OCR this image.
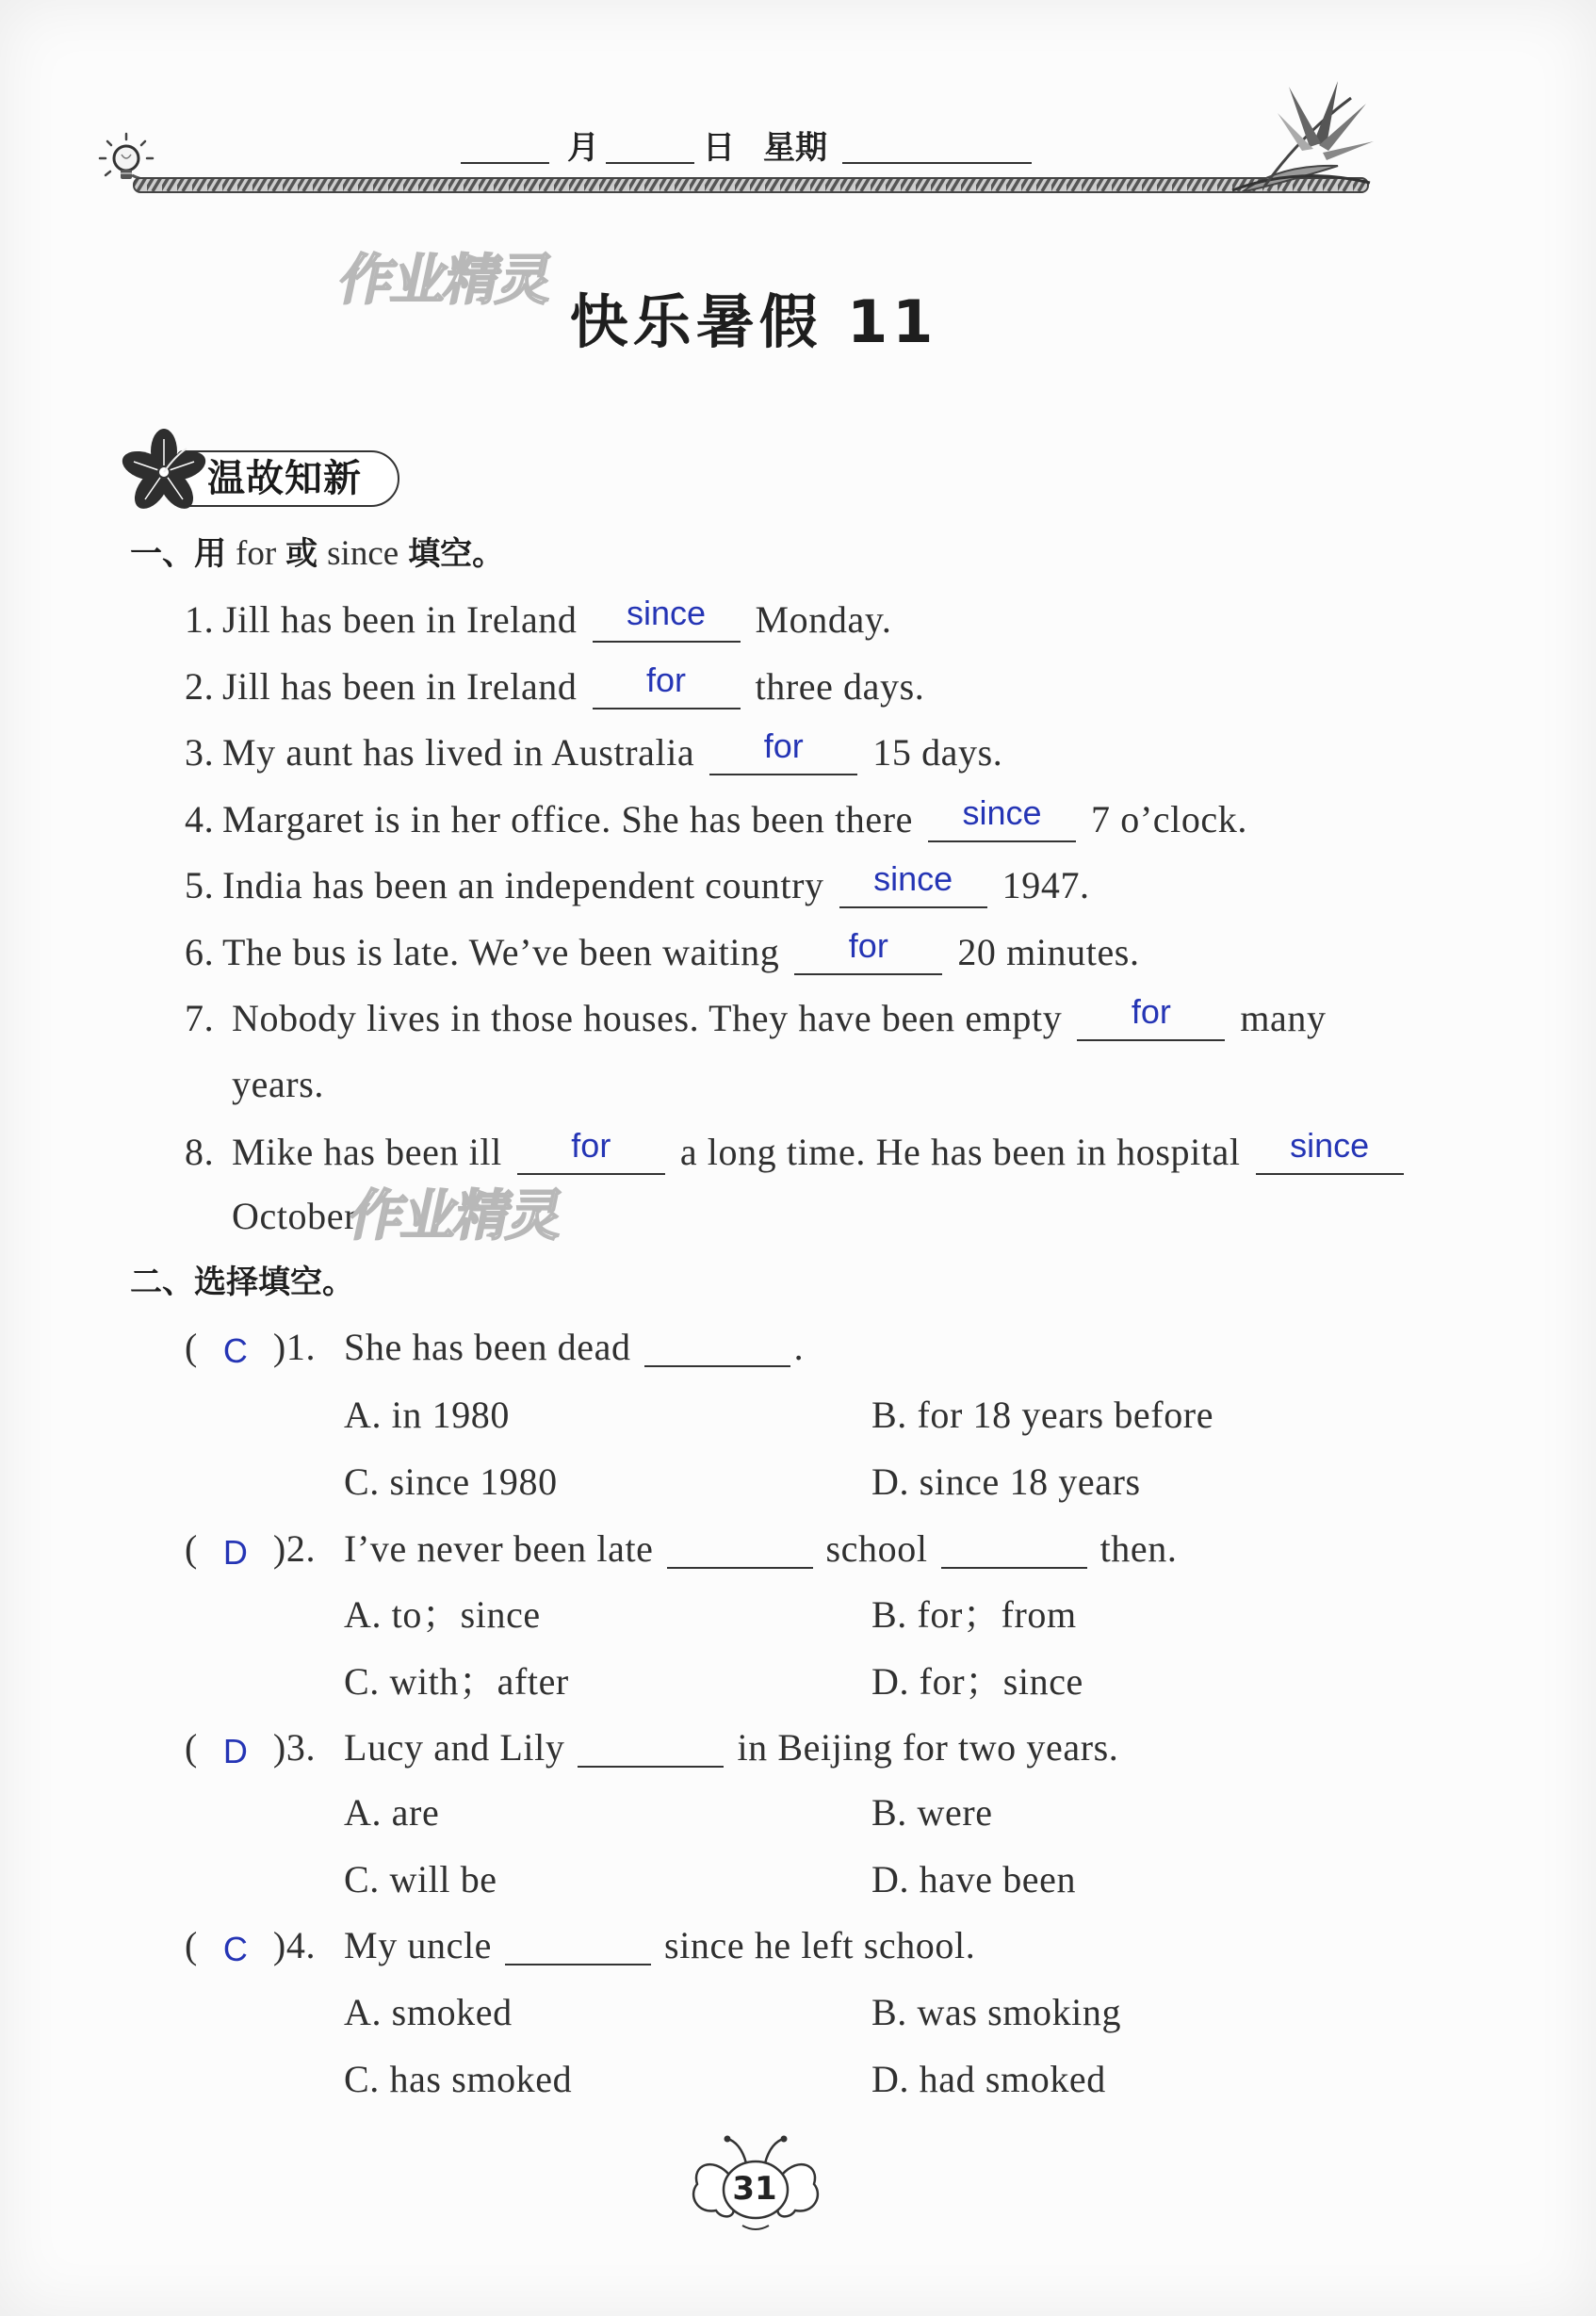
月	日 星期
作业精灵
快乐暑假 11
温故知新
一、用 for 或 since 填空。
1. Jill has been in Ireland since Monday.
2. Jill has been in Ireland for three days.
3. My aunt has lived in Australia for 15 days.
4. Margaret is in her office. She has been there since 7 o’clock.
5. India has been an independent country since 1947.
6. The bus is late. We’ve been waiting for 20 minutes.
7. Nobody lives in those houses. They have been empty for many
years.
8. Mike has been ill for a long time. He has been in hospital since
October.
作业精灵
二、选择填空。
( C )1. She has been dead	.
A. in 1980	B. for 18 years before
C. since 1980	D. since 18 years
( D )2. I’ve never been late	school	then.
A. to；since	B. for；from
C. with；after	D. for；since
( D )3. Lucy and Lily	in Beijing for two years.
A. are	B. were
C. will be	D. have been
( C )4. My uncle	since he left school.
A. smoked	B. was smoking
C. has smoked	D. had smoked
31
